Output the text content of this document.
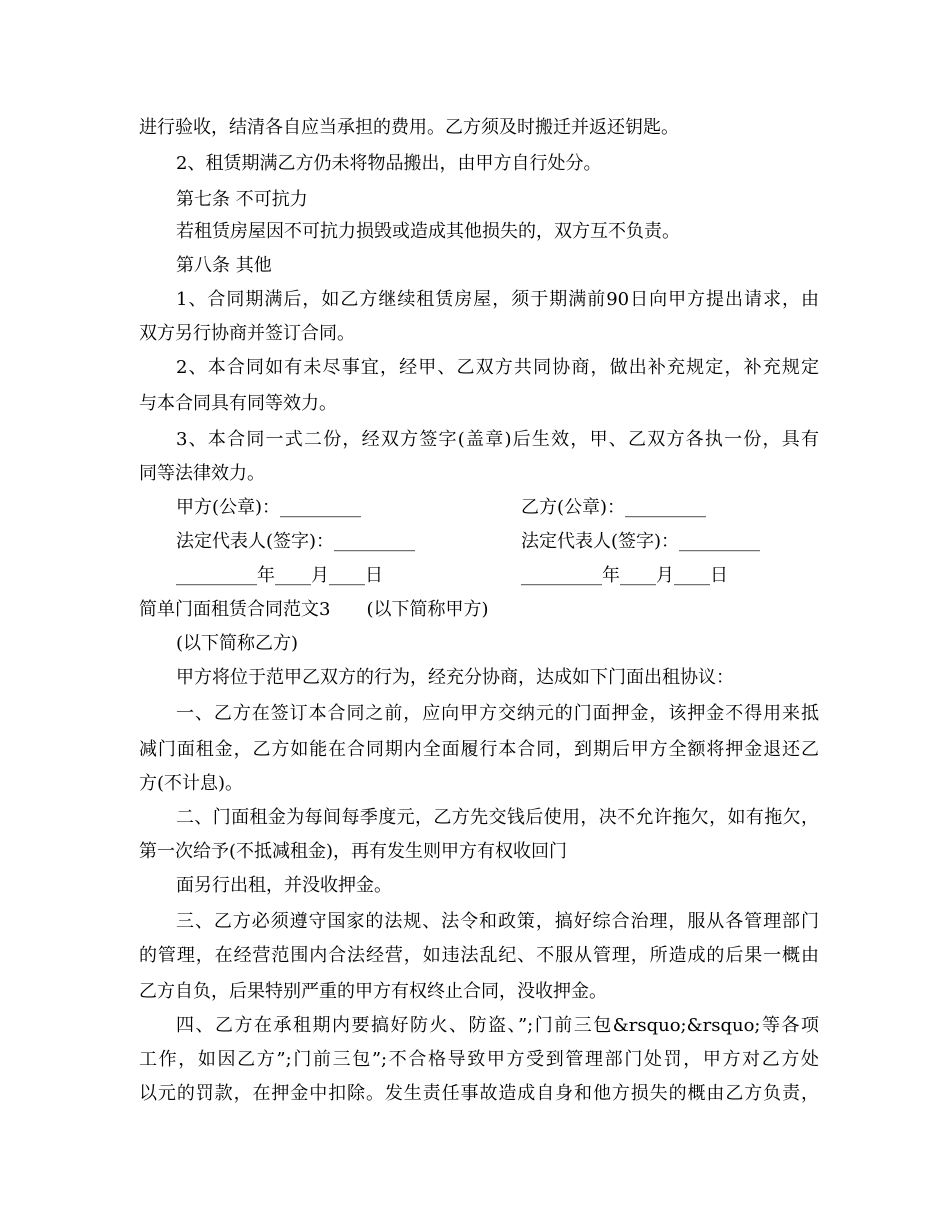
进行验收，结清各自应当承担的费用。乙方须及时搬迁并返还钥匙。
2、租赁期满乙方仍未将物品搬出，由甲方自行处分。
第七条 不可抗力
若租赁房屋因不可抗力损毁或造成其他损失的，双方互不负责。
第八条 其他
1、合同期满后，如乙方继续租赁房屋，须于期满前90日向甲方提出请求，由
双方另行协商并签订合同。
2、本合同如有未尽事宜，经甲、乙双方共同协商，做出补充规定，补充规定
与本合同具有同等效力。
3、本合同一式二份，经双方签字(盖章)后生效，甲、乙双方各执一份，具有
同等法律效力。
甲方(公章)：_________	乙方(公章)：_________
法定代表人(签字)：_________	法定代表人(签字)：_________
_________年____月____日	_________年____月____日
简单门面租赁合同范文3　　(以下简称甲方)
(以下简称乙方)
甲方将位于范甲乙双方的行为，经充分协商，达成如下门面出租协议：
一、乙方在签订本合同之前，应向甲方交纳元的门面押金，该押金不得用来抵
减门面租金，乙方如能在合同期内全面履行本合同，到期后甲方全额将押金退还乙
方(不计息)。
二、门面租金为每间每季度元，乙方先交钱后使用，决不允许拖欠，如有拖欠，
第一次给予(不抵减租金)，再有发生则甲方有权收回门
面另行出租，并没收押金。
三、乙方必须遵守国家的法规、法令和政策，搞好综合治理，服从各管理部门
的管理，在经营范围内合法经营，如违法乱纪、不服从管理，所造成的后果一概由
乙方自负，后果特别严重的甲方有权终止合同，没收押金。
四、乙方在承租期内要搞好防火、防盗、”;门前三包&rsquo;&rsquo;等各项
工作，如因乙方”;门前三包”;不合格导致甲方受到管理部门处罚，甲方对乙方处
以元的罚款，在押金中扣除。发生责任事故造成自身和他方损失的概由乙方负责，
